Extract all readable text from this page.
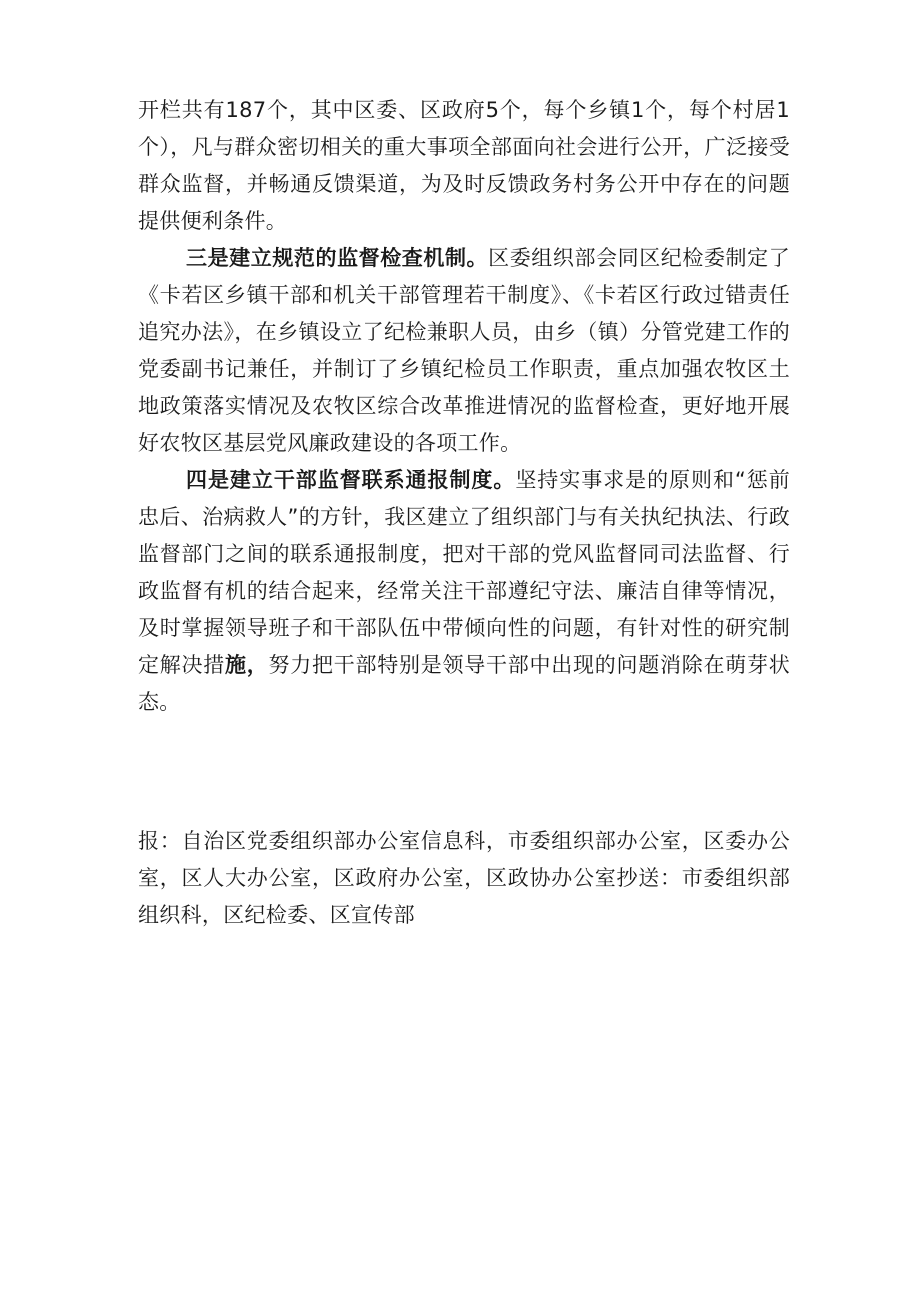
开栏共有187个，其中区委、区政府5个，每个乡镇1个，每个村居1个），凡与群众密切相关的重大事项全部面向社会进行公开，广泛接受群众监督，并畅通反馈渠道，为及时反馈政务村务公开中存在的问题提供便利条件。

三是建立规范的监督检查机制。区委组织部会同区纪检委制定了《卡若区乡镇干部和机关干部管理若干制度》、《卡若区行政过错责任追究办法》，在乡镇设立了纪检兼职人员，由乡（镇）分管党建工作的党委副书记兼任，并制订了乡镇纪检员工作职责，重点加强农牧区土地政策落实情况及农牧区综合改革推进情况的监督检查，更好地开展好农牧区基层党风廉政建设的各项工作。

四是建立干部监督联系通报制度。坚持实事求是的原则和“惩前忠后、治病救人”的方针，我区建立了组织部门与有关执纪执法、行政监督部门之间的联系通报制度，把对干部的党风监督同司法监督、行政监督有机的结合起来，经常关注干部遵纪守法、廉洁自律等情况，及时掌握领导班子和干部队伍中带倾向性的问题，有针对性的研究制定解决措施，努力把干部特别是领导干部中出现的问题消除在萌芽状态。

报：自治区党委组织部办公室信息科，市委组织部办公室，区委办公室，区人大办公室，区政府办公室，区政协办公室抄送：市委组织部组织科，区纪检委、区宣传部
